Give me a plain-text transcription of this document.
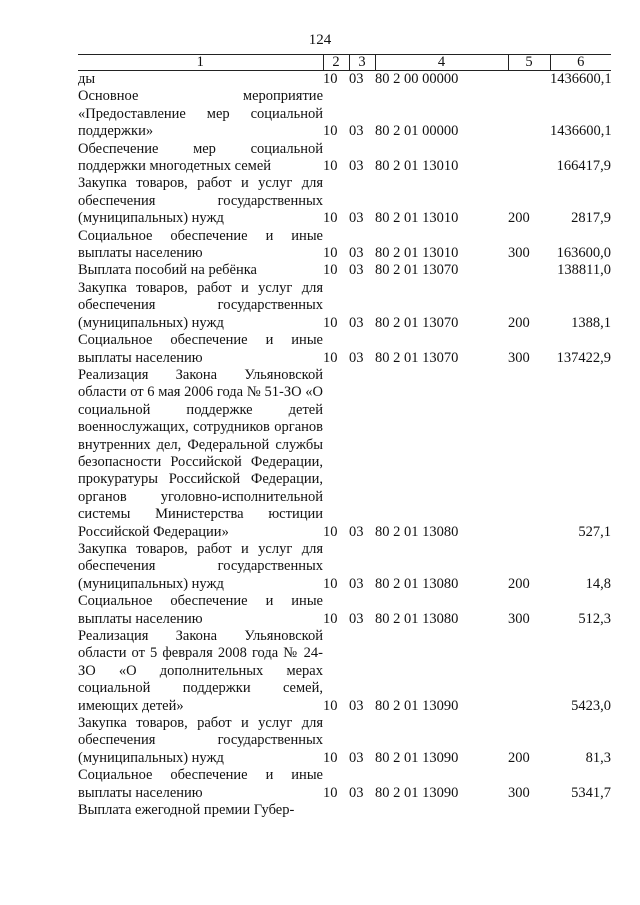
124
1	2	3	4	5	6
ды	10	03	80 2 00 00000		1436600,1
Основное мероприятие «Предоставление мер социальной поддержки»	10	03	80 2 01 00000		1436600,1
Обеспечение мер социальной поддержки многодетных семей	10	03	80 2 01 13010		166417,9
Закупка товаров, работ и услуг для обеспечения государственных (муниципальных) нужд	10	03	80 2 01 13010	200	2817,9
Социальное обеспечение и иные выплаты населению	10	03	80 2 01 13010	300	163600,0
Выплата пособий на ребёнка	10	03	80 2 01 13070		138811,0
Закупка товаров, работ и услуг для обеспечения государственных (муниципальных) нужд	10	03	80 2 01 13070	200	1388,1
Социальное обеспечение и иные выплаты населению	10	03	80 2 01 13070	300	137422,9
Реализация Закона Ульяновской области от 6 мая 2006 года № 51-ЗО «О социальной поддержке детей военнослужащих, сотрудников органов внутренних дел, Федеральной службы безопасности Российской Федерации, прокуратуры Российской Федерации, органов уголовно-исполнительной системы Министерства юстиции Российской Федерации»	10	03	80 2 01 13080		527,1
Закупка товаров, работ и услуг для обеспечения государственных (муниципальных) нужд	10	03	80 2 01 13080	200	14,8
Социальное обеспечение и иные выплаты населению	10	03	80 2 01 13080	300	512,3
Реализация Закона Ульяновской области от 5 февраля 2008 года № 24-ЗО «О дополнительных мерах социальной поддержки семей, имеющих детей»	10	03	80 2 01 13090		5423,0
Закупка товаров, работ и услуг для обеспечения государственных (муниципальных) нужд	10	03	80 2 01 13090	200	81,3
Социальное обеспечение и иные выплаты населению	10	03	80 2 01 13090	300	5341,7
Выплата ежегодной премии Губер-					
